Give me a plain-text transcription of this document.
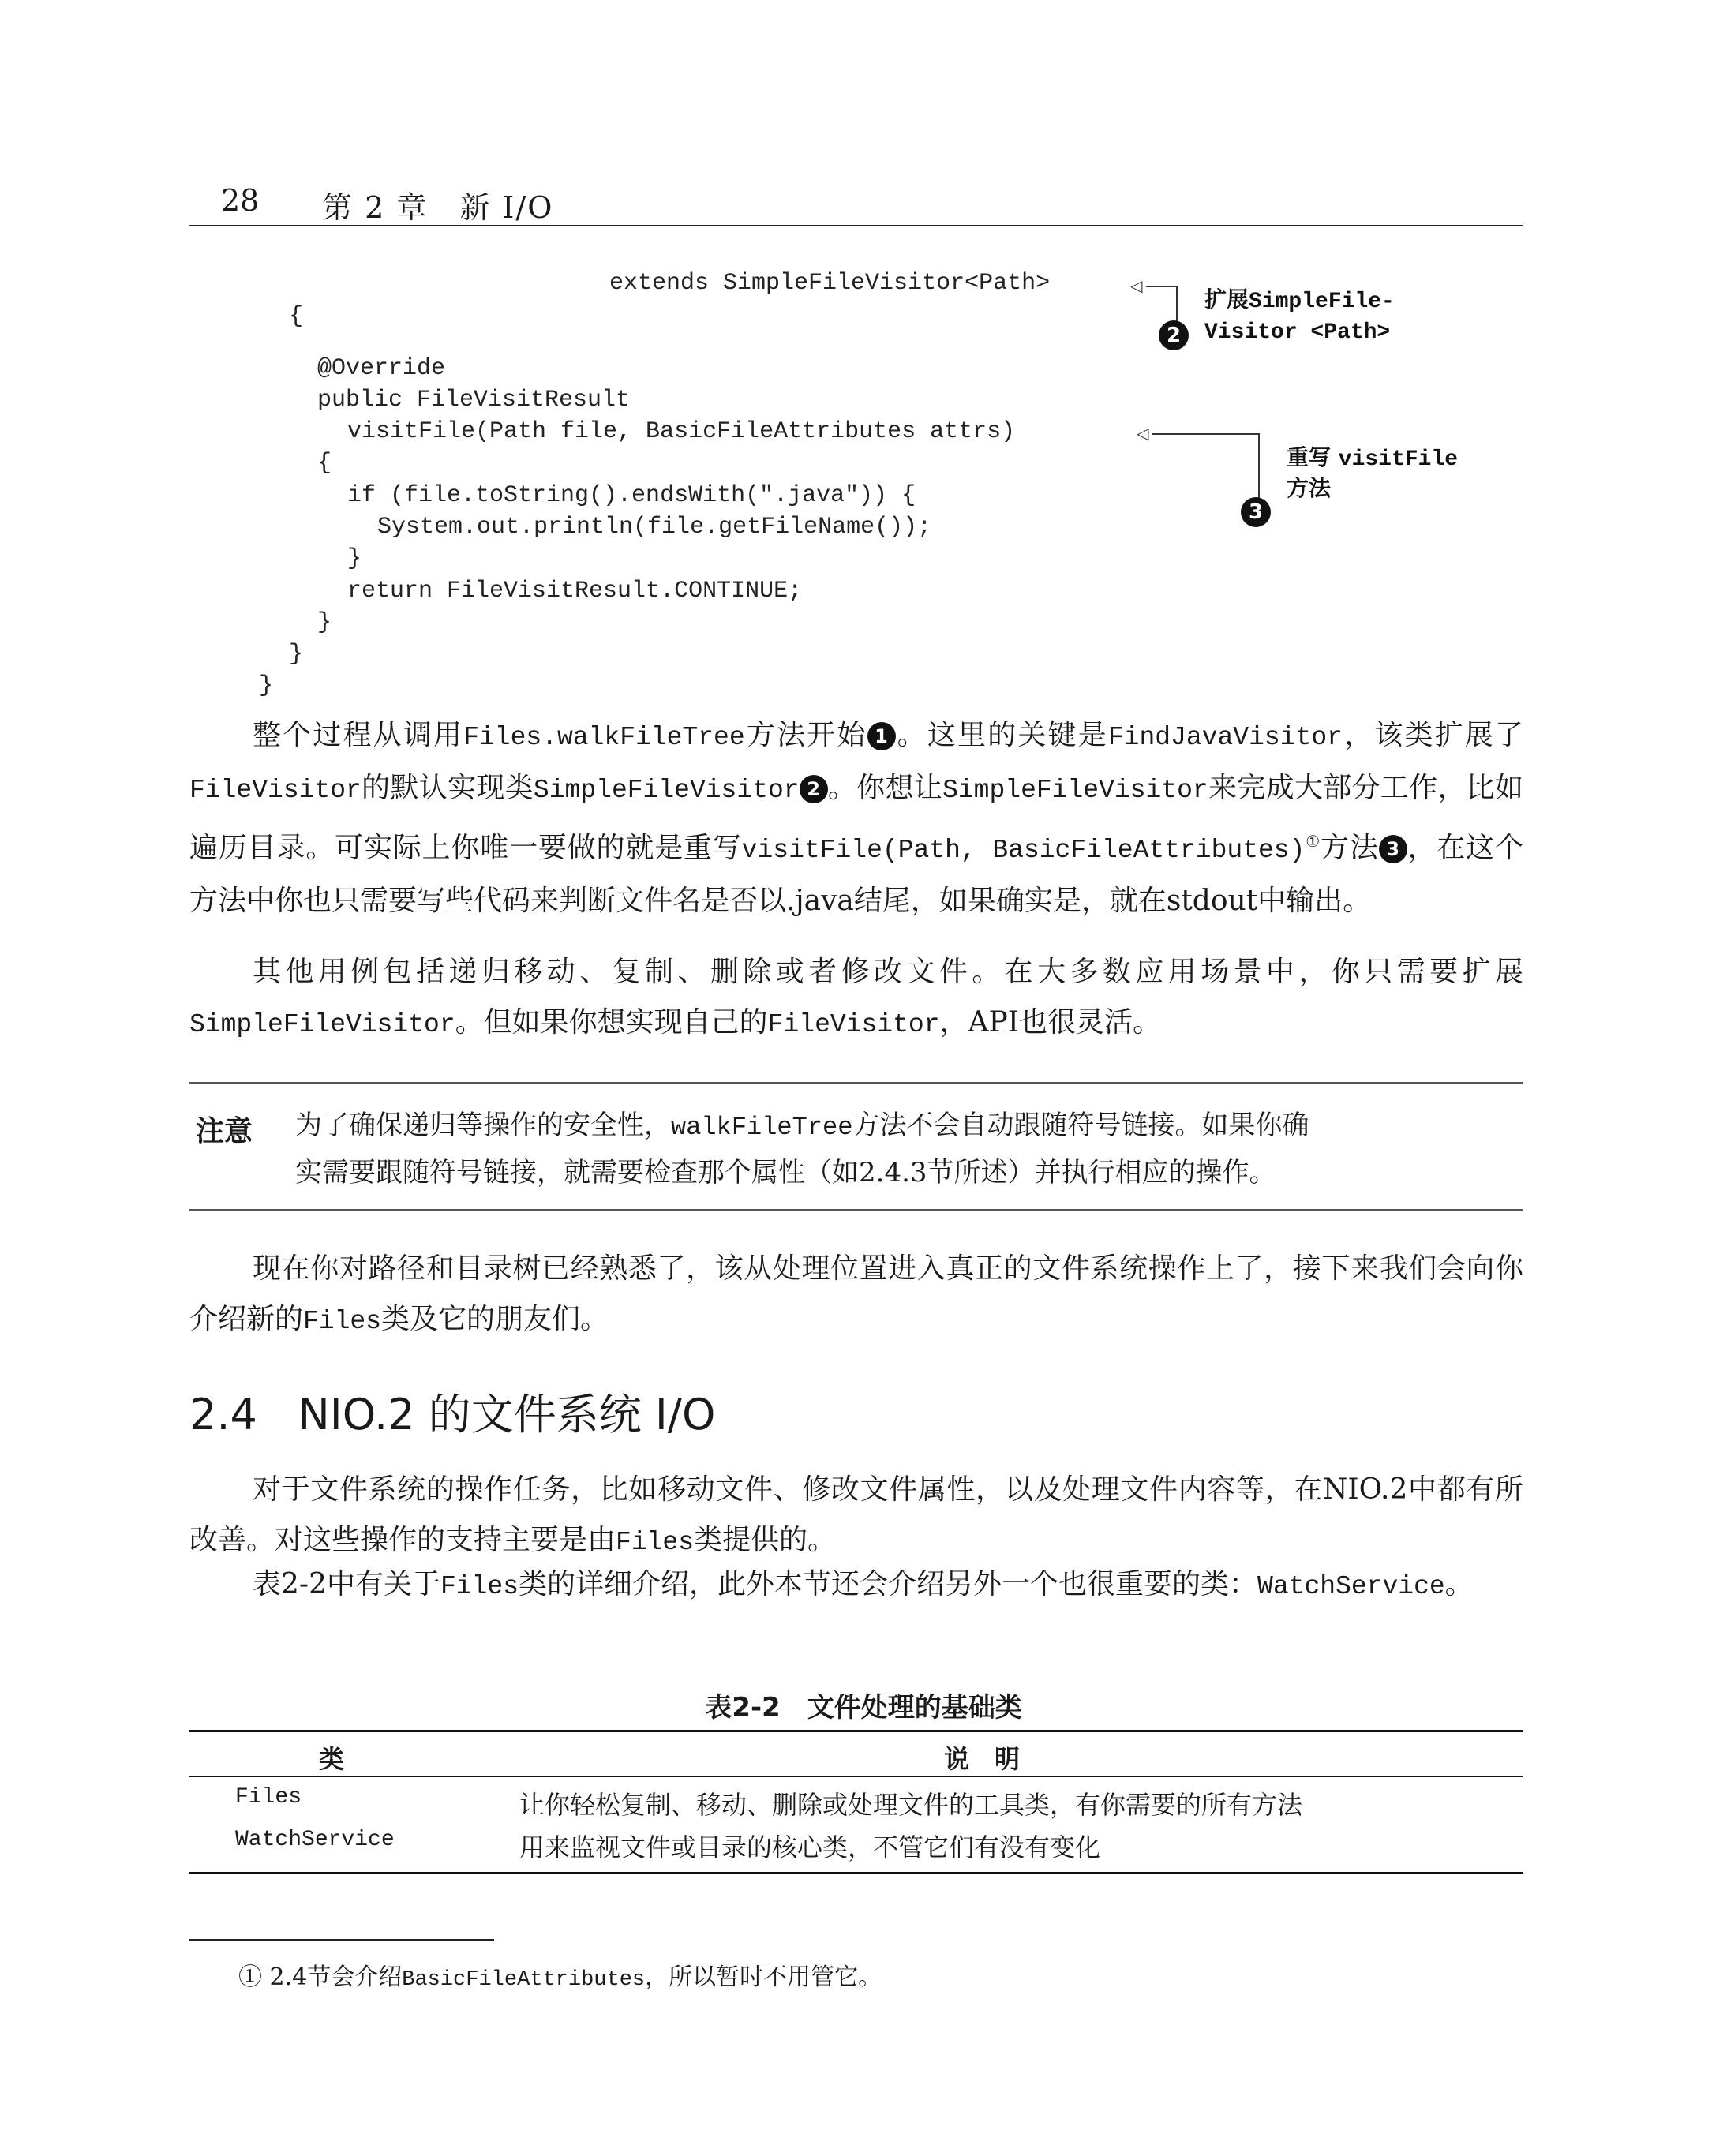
28 第 2 章　新 I/O
extends SimpleFileVisitor<Path>
{
@Override
public FileVisitResult
visitFile(Path file, BasicFileAttributes attrs)
{
if (file.toString().endsWith(".java")) {
System.out.println(file.getFileName());
}
return FileVisitResult.CONTINUE;
}
}
}
◁
2
扩展SimpleFile-
Visitor <Path>
◁
3
重写 visitFile
方法
整个过程从调用Files.walkFileTree方法开始 1 。这里的关键是FindJavaVisitor，该类扩展了FileVisitor的默认实现类SimpleFileVisitor 2 。你想让SimpleFileVisitor来完成大部分工作，比如遍历目录。可实际上你唯一要做的就是重写visitFile(Path, BasicFileAttributes)①方法 3 ，在这个方法中你也只需要写些代码来判断文件名是否以.java结尾，如果确实是，就在stdout中输出。
其他用例包括递归移动、复制、删除或者修改文件。在大多数应用场景中，你只需要扩展SimpleFileVisitor。但如果你想实现自己的FileVisitor，API也很灵活。
注意 为了确保递归等操作的安全性，walkFileTree方法不会自动跟随符号链接。如果你确
实需要跟随符号链接，就需要检查那个属性（如2.4.3节所述）并执行相应的操作。
现在你对路径和目录树已经熟悉了，该从处理位置进入真正的文件系统操作上了，接下来我们会向你介绍新的Files类及它的朋友们。
2.4 NIO.2 的文件系统 I/O
对于文件系统的操作任务，比如移动文件、修改文件属性，以及处理文件内容等，在NIO.2中都有所改善。对这些操作的支持主要是由Files类提供的。
表2-2中有关于Files类的详细介绍，此外本节还会介绍另外一个也很重要的类：WatchService。
表2-2　文件处理的基础类
类	说　明
Files	让你轻松复制、移动、删除或处理文件的工具类，有你需要的所有方法
WatchService	用来监视文件或目录的核心类，不管它们有没有变化
① 2.4节会介绍BasicFileAttributes，所以暂时不用管它。
